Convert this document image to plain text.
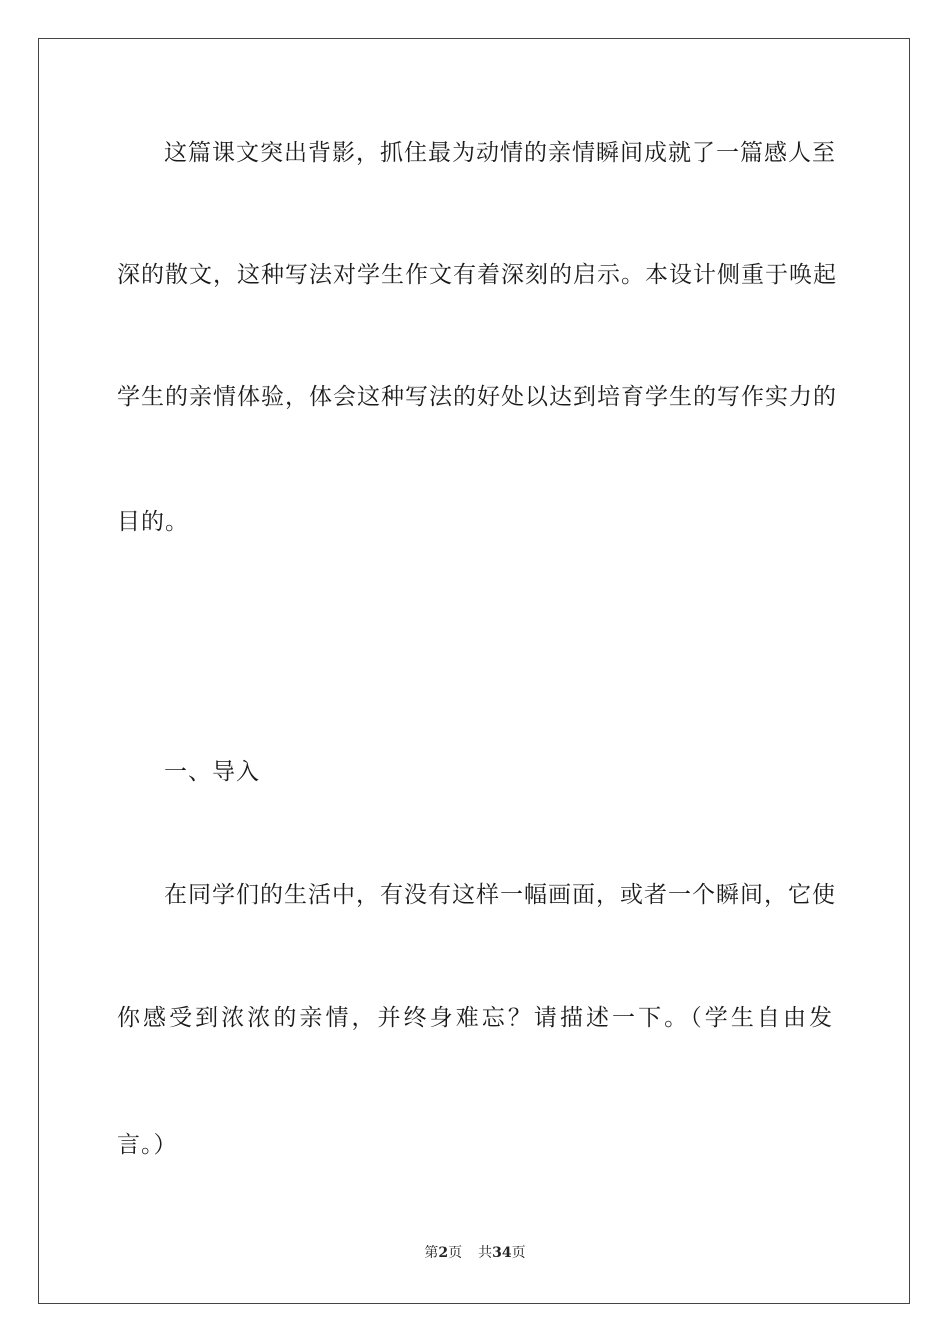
这篇课文突出背影，抓住最为动情的亲情瞬间成就了一篇感人至
深的散文，这种写法对学生作文有着深刻的启示。本设计侧重于唤起
学生的亲情体验，体会这种写法的好处以达到培育学生的写作实力的
目的。
一、导入
在同学们的生活中，有没有这样一幅画面，或者一个瞬间，它使
你感受到浓浓的亲情，并终身难忘？请描述一下。（学生自由发
言。）
第2页 共34页
